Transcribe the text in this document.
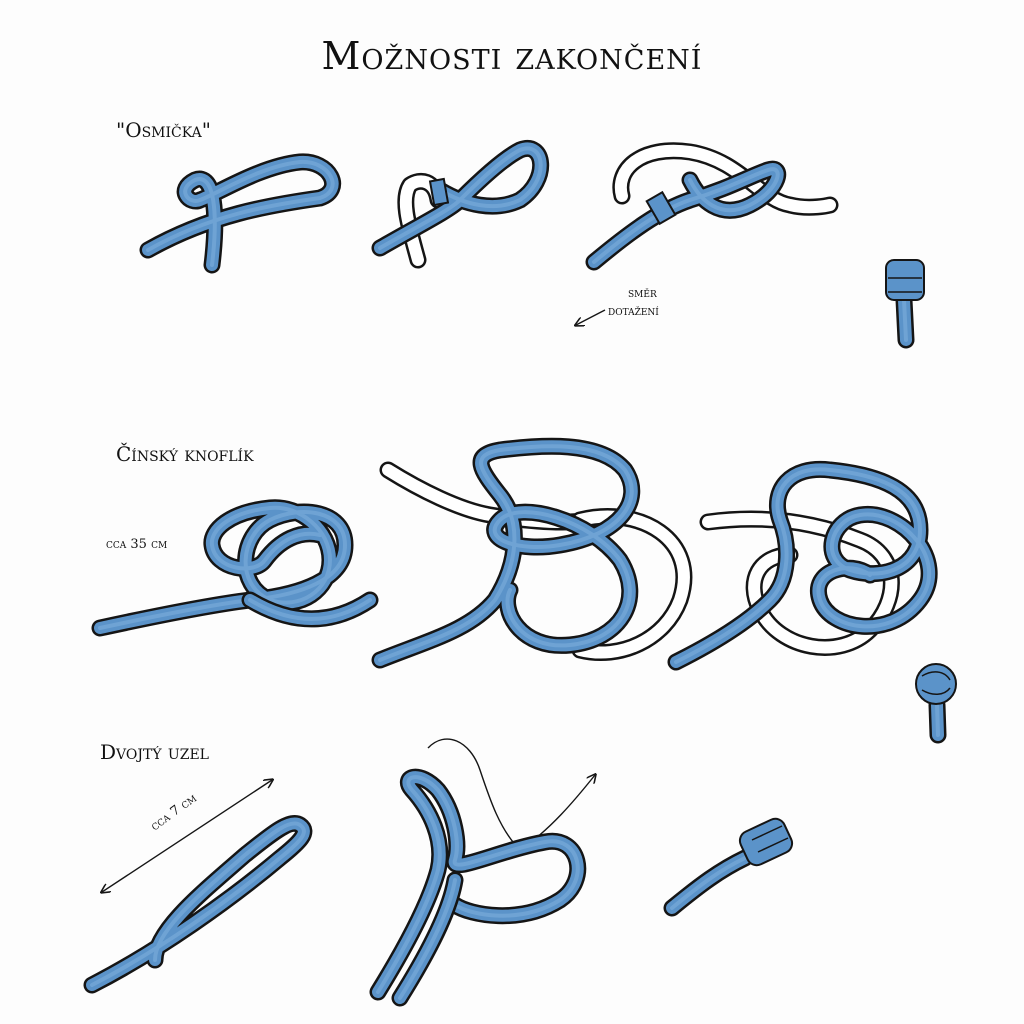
Možnosti zakončení
"Osmička"
směr
dotažení
Čínský knoflík
cca 35 cm
Dvojtý uzel
cca 7 cm
